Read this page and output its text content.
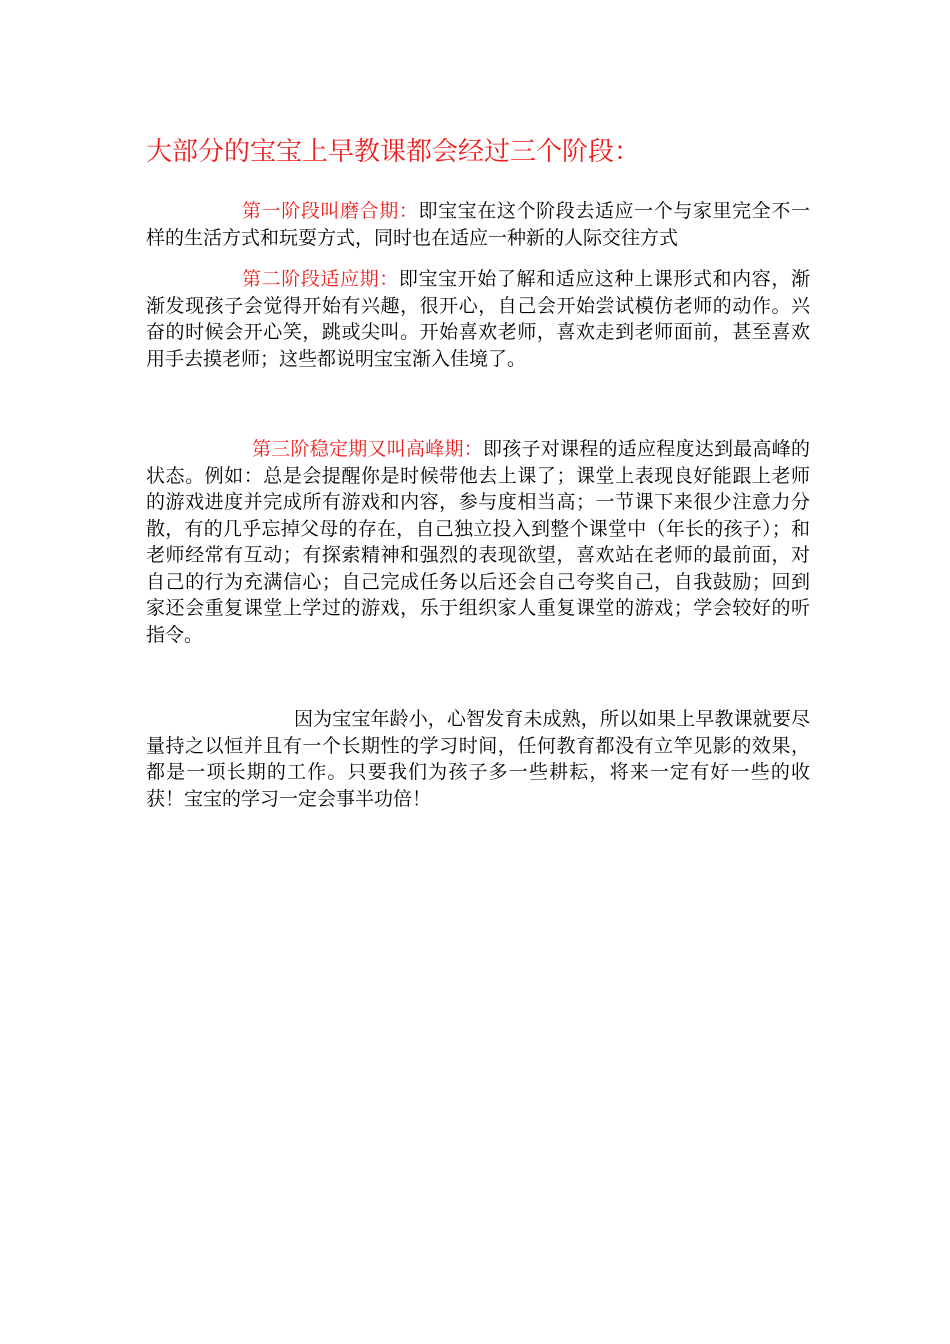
大部分的宝宝上早教课都会经过三个阶段：

第一阶段叫磨合期：即宝宝在这个阶段去适应一个与家里完全不一样的生活方式和玩耍方式，同时也在适应一种新的人际交往方式

第二阶段适应期：即宝宝开始了解和适应这种上课形式和内容，渐渐发现孩子会觉得开始有兴趣，很开心，自己会开始尝试模仿老师的动作。兴奋的时候会开心笑，跳或尖叫。开始喜欢老师，喜欢走到老师面前，甚至喜欢用手去摸老师；这些都说明宝宝渐入佳境了。

第三阶稳定期又叫高峰期：即孩子对课程的适应程度达到最高峰的状态。例如：总是会提醒你是时候带他去上课了；课堂上表现良好能跟上老师的游戏进度并完成所有游戏和内容，参与度相当高；一节课下来很少注意力分散，有的几乎忘掉父母的存在，自己独立投入到整个课堂中（年长的孩子）；和老师经常有互动；有探索精神和强烈的表现欲望，喜欢站在老师的最前面，对自己的行为充满信心；自己完成任务以后还会自己夸奖自己，自我鼓励；回到家还会重复课堂上学过的游戏，乐于组织家人重复课堂的游戏；学会较好的听指令。

因为宝宝年龄小，心智发育未成熟，所以如果上早教课就要尽量持之以恒并且有一个长期性的学习时间，任何教育都没有立竿见影的效果，都是一项长期的工作。只要我们为孩子多一些耕耘，将来一定有好一些的收获！宝宝的学习一定会事半功倍！
